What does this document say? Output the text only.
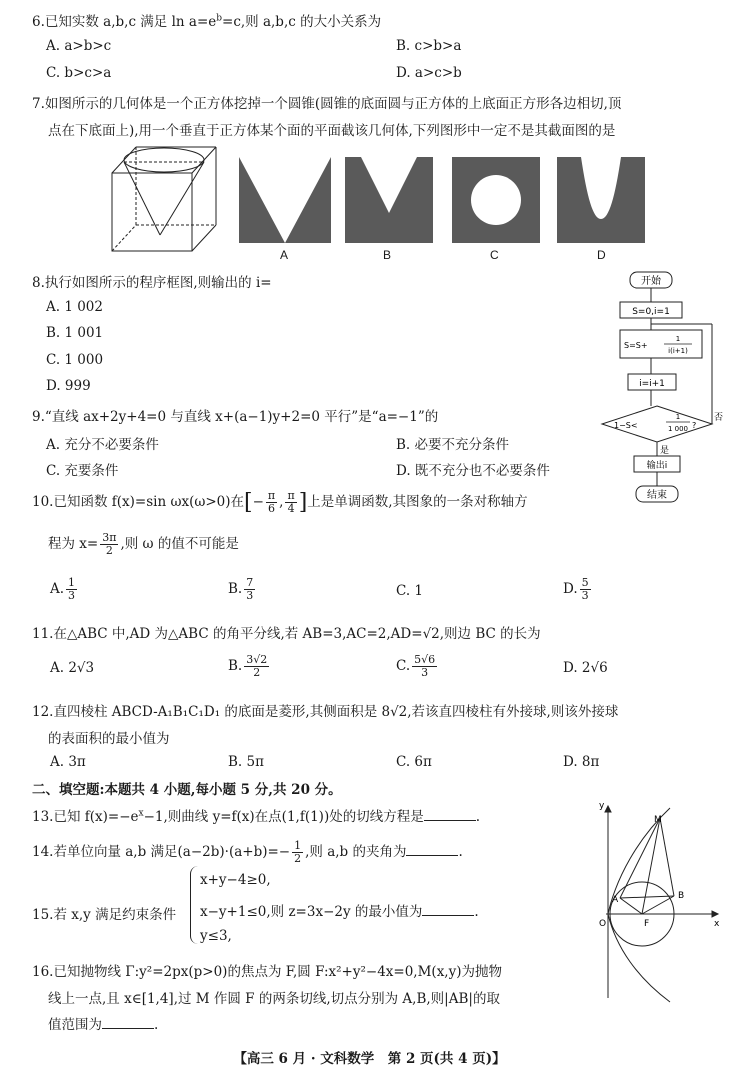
6.已知实数 a,b,c 满足 $\ln a=e^b=c$,则 a,b,c 的大小关系为
A. a>b>c	B. c>b>a
C. b>c>a	D. a>c>b
7.如图所示的几何体是一个正方体挖掉一个圆锥(圆锥的底面圆与正方体的上底面正方形各边相切,顶
点在下底面上),用一个垂直于正方体某个面的平面截该几何体,下列图形中一定不是其截面图的是
A	B	C	D
8.执行如图所示的程序框图,则输出的 i=
A. 1 002
B. 1 001
C. 1 000
D. 999
开始
S=0,i=1
S=S+
1
i(i+1)
i=i+1
1−S<
1
1 000 ?
否
是
输出i
结束
9.“直线 ax+2y+4=0 与直线 x+(a−1)y+2=0 平行”是“a=−1”的
A. 充分不必要条件	B. 必要不充分条件
C. 充要条件	D. 既不充分也不必要条件
10.已知函数 f(x)=sin ωx(ω>0)在[− $\frac{\pi}{6}$ , $\frac{\pi}{4}$ ]上是单调函数,其图象的一条对称轴方
程为 $x= \frac{3\pi}{2}$ ,则 ω 的值不可能是
A. $\frac{1}{3}$	B. $\frac{7}{3}$	C. 1	D. $\frac{5}{3}$
11.在△ABC 中,AD 为△ABC 的角平分线,若 AB=3,AC=2,AD=√2,则边 BC 的长为
A. 2√3	B. $\frac{3√2}{2}$	C. $\frac{5√6}{3}$	D. 2√6
12.直四棱柱 ABCD-A₁B₁C₁D₁ 的底面是菱形,其侧面积是 8√2,若该直四棱柱有外接球,则该外接球
的表面积的最小值为
A. 3π	B. 5π	C. 6π	D. 8π
二、填空题:本题共 4 小题,每小题 5 分,共 20 分。
13.已知 $f(x)=-e^x-1$,则曲线 y=f(x)在点(1,f(1))处的切线方程是	.
14.若单位向量 a,b 满足$(a-2b)\cdot(a+b)=- \frac{1}{2}$ ,则 a,b 的夹角为	.
15.若 x,y 满足约束条件
x+y−4≥0,
x−y+1≤0,则 z=3x−2y 的最小值为	.
y≤3,
16.已知抛物线 Γ:y²=2px(p>0)的焦点为 F,圆 F:x²+y²−4x=0,M(x,y)为抛物
线上一点,且 x∈[1,4],过 M 作圆 F 的两条切线,切点分别为 A,B,则|AB|的取
值范围为	.
y
x
O
M
A	B
F
【高三 6 月 · 文科数学　第 2 页(共 4 页)】
